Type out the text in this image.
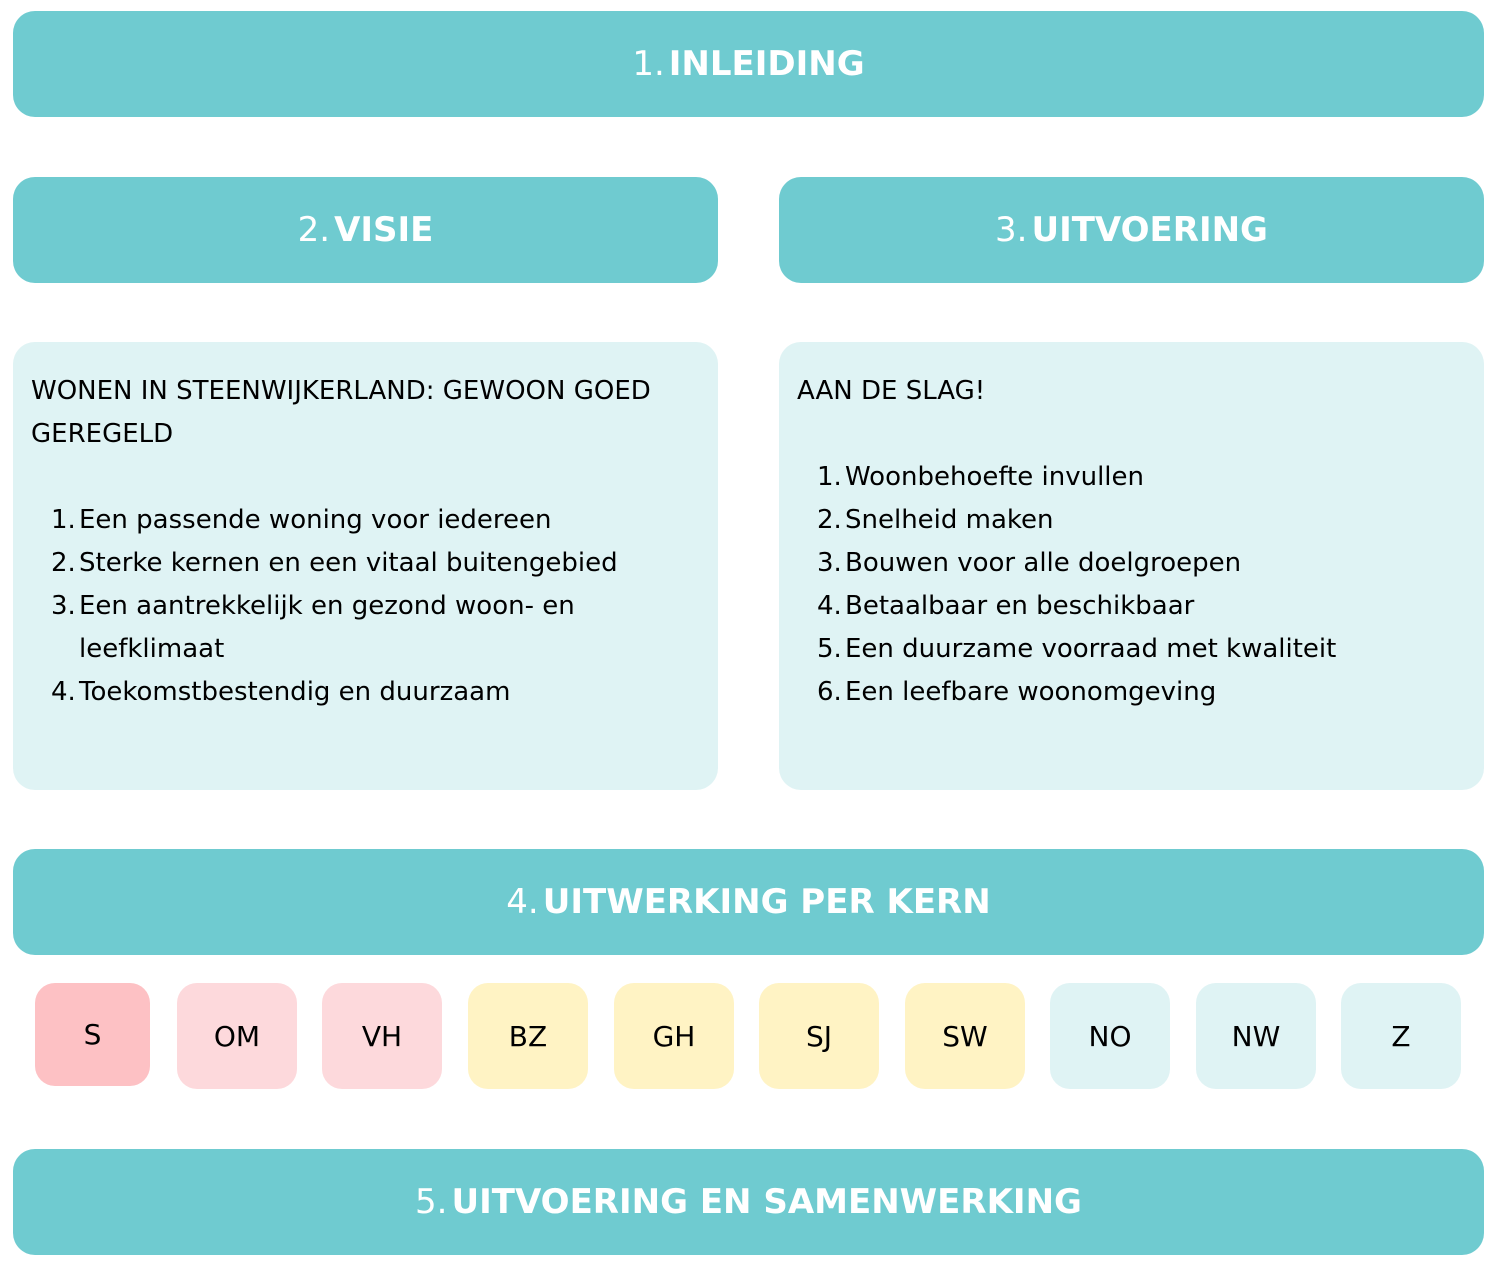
1. INLEIDING
2. VISIE	3. UITVOERING
WONEN IN STEENWIJKERLAND: GEWOON GOED GEREGELD
1. Een passende woning voor iedereen
2. Sterke kernen en een vitaal buitengebied
3. Een aantrekkelijk en gezond woon- en leefklimaat
4. Toekomstbestendig en duurzaam
AAN DE SLAG!
1. Woonbehoefte invullen
2. Snelheid maken
3. Bouwen voor alle doelgroepen
4. Betaalbaar en beschikbaar
5. Een duurzame voorraad met kwaliteit
6. Een leefbare woonomgeving
4. UITWERKING PER KERN
S	OM	VH	BZ	GH	SJ	SW	NO	NW	Z
5. UITVOERING EN SAMENWERKING
